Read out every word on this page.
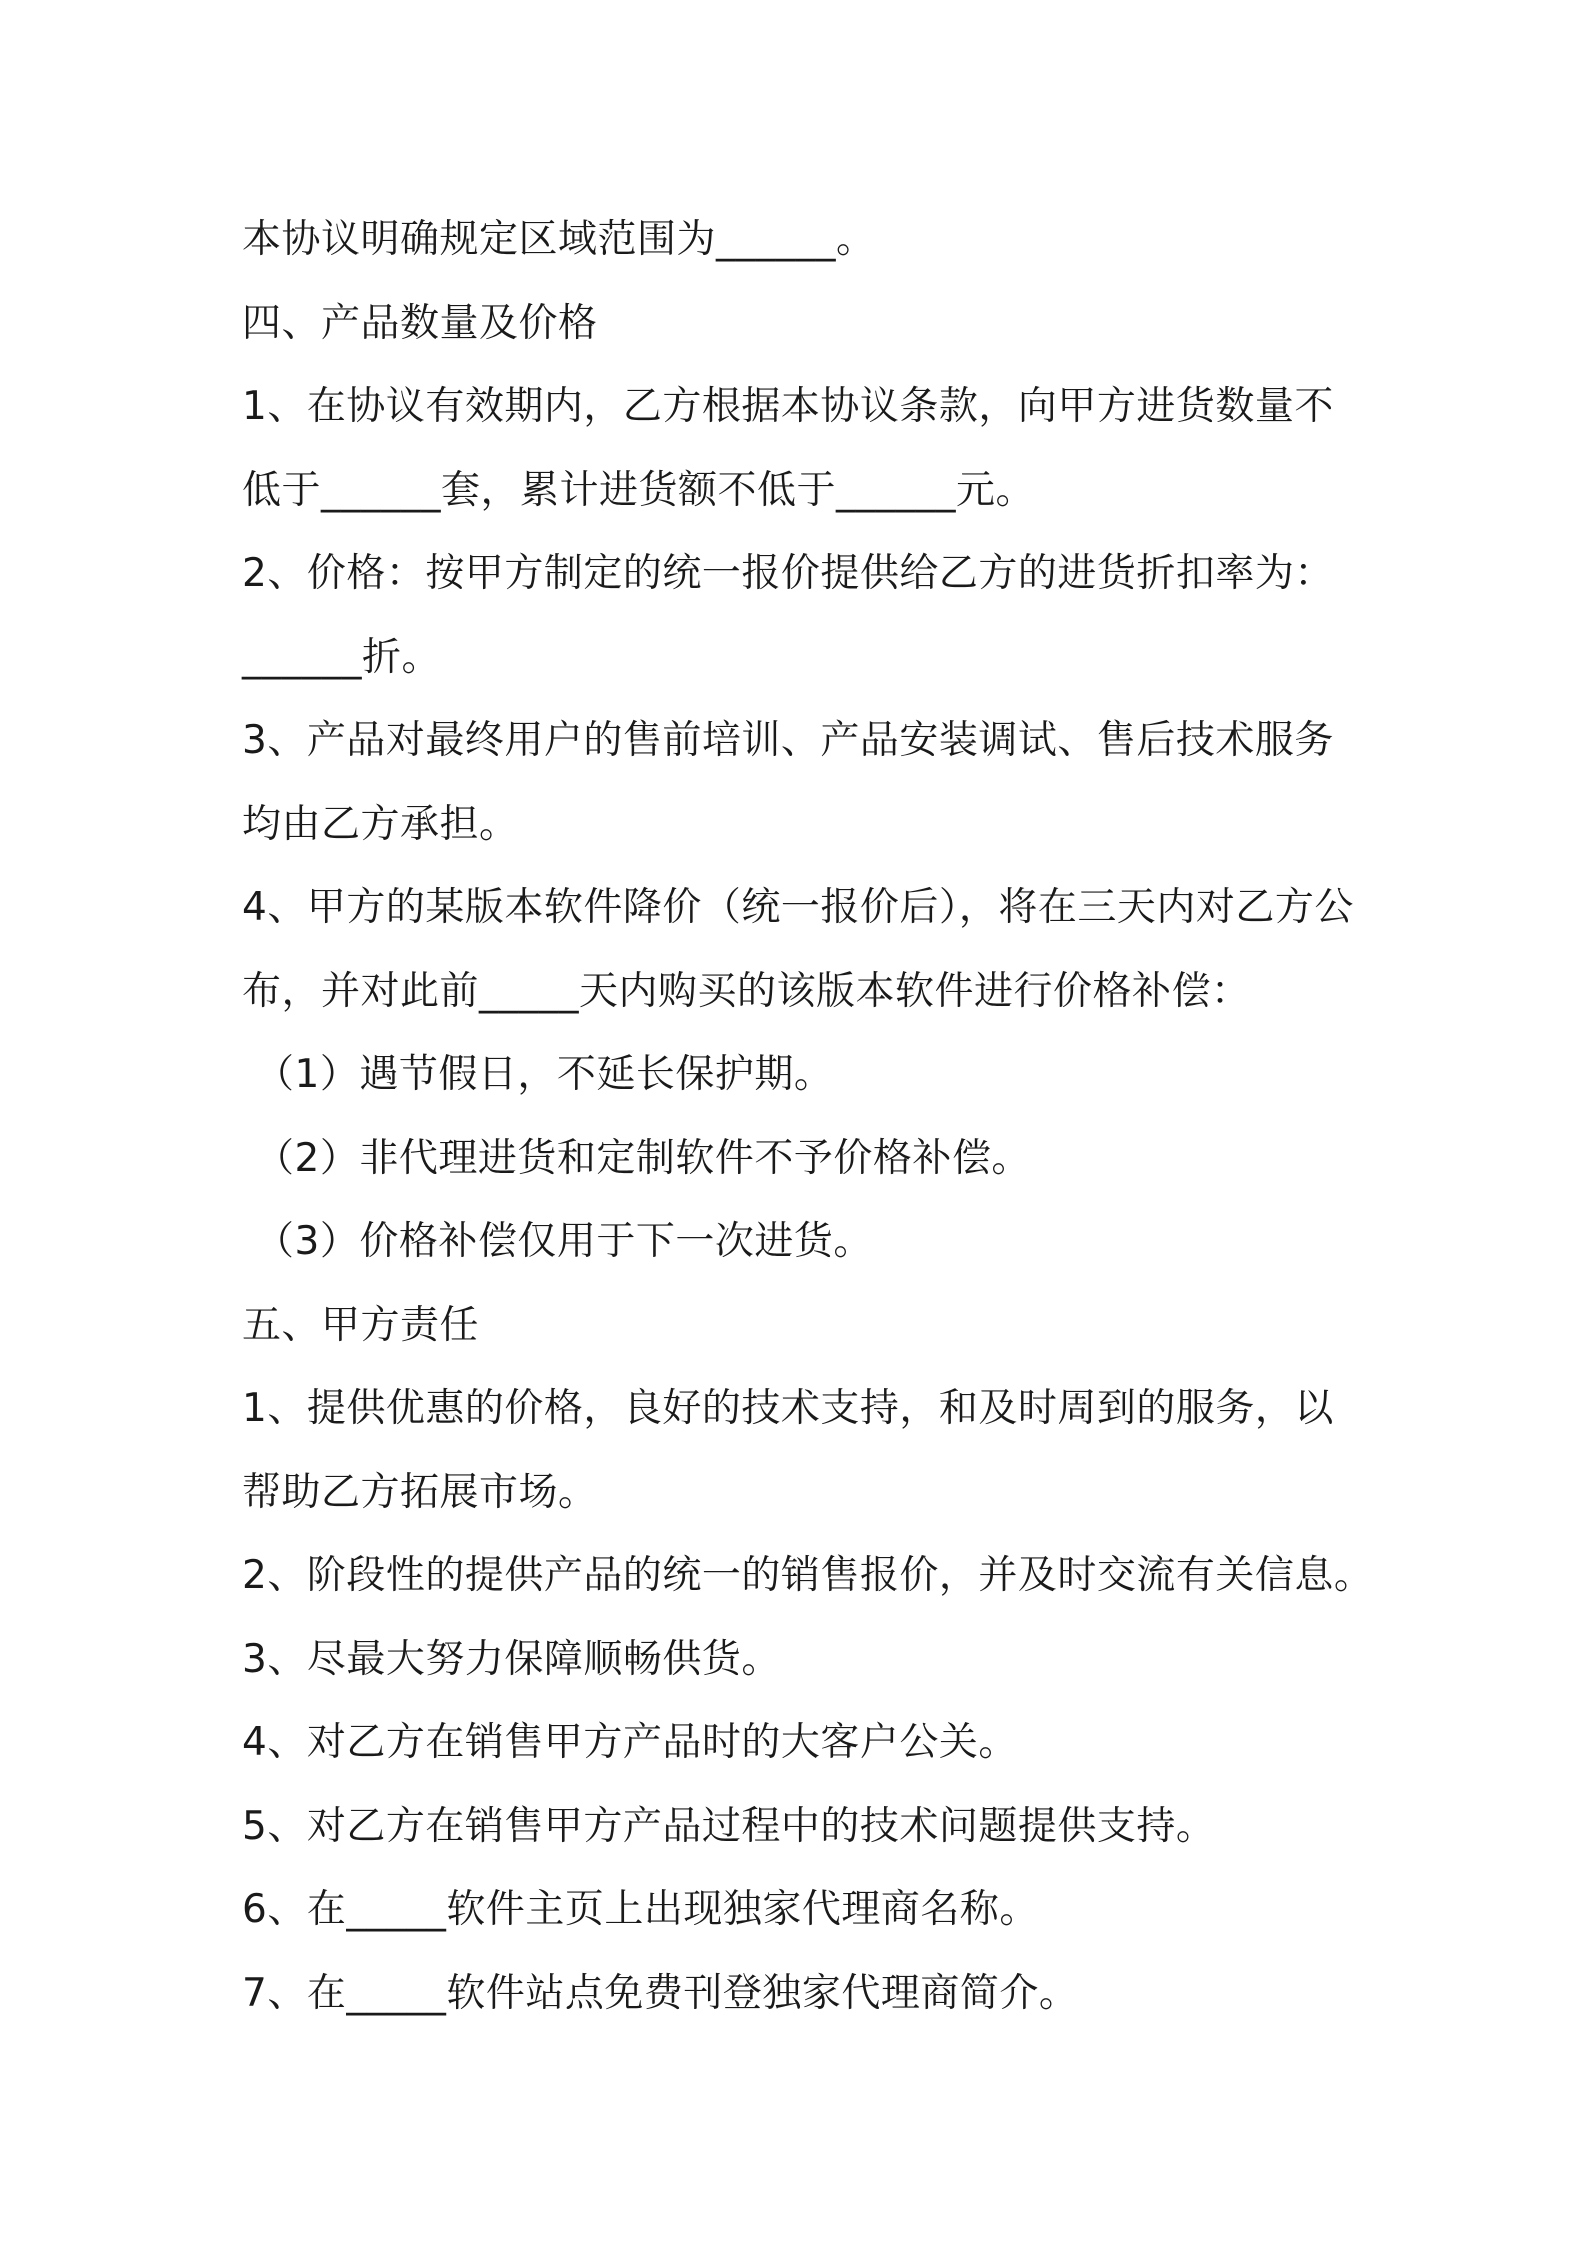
本协议明确规定区域范围为______。
四、产品数量及价格
1、在协议有效期内，乙方根据本协议条款，向甲方进货数量不
低于______套，累计进货额不低于______元。
2、价格：按甲方制定的统一报价提供给乙方的进货折扣率为：
______折。
3、产品对最终用户的售前培训、产品安装调试、售后技术服务
均由乙方承担。
4、甲方的某版本软件降价（统一报价后），将在三天内对乙方公
布，并对此前_____天内购买的该版本软件进行价格补偿：
（1）遇节假日，不延长保护期。
（2）非代理进货和定制软件不予价格补偿。
（3）价格补偿仅用于下一次进货。
五、甲方责任
1、提供优惠的价格，良好的技术支持，和及时周到的服务，以
帮助乙方拓展市场。
2、阶段性的提供产品的统一的销售报价，并及时交流有关信息。
3、尽最大努力保障顺畅供货。
4、对乙方在销售甲方产品时的大客户公关。
5、对乙方在销售甲方产品过程中的技术问题提供支持。
6、在_____软件主页上出现独家代理商名称。
7、在_____软件站点免费刊登独家代理商简介。
